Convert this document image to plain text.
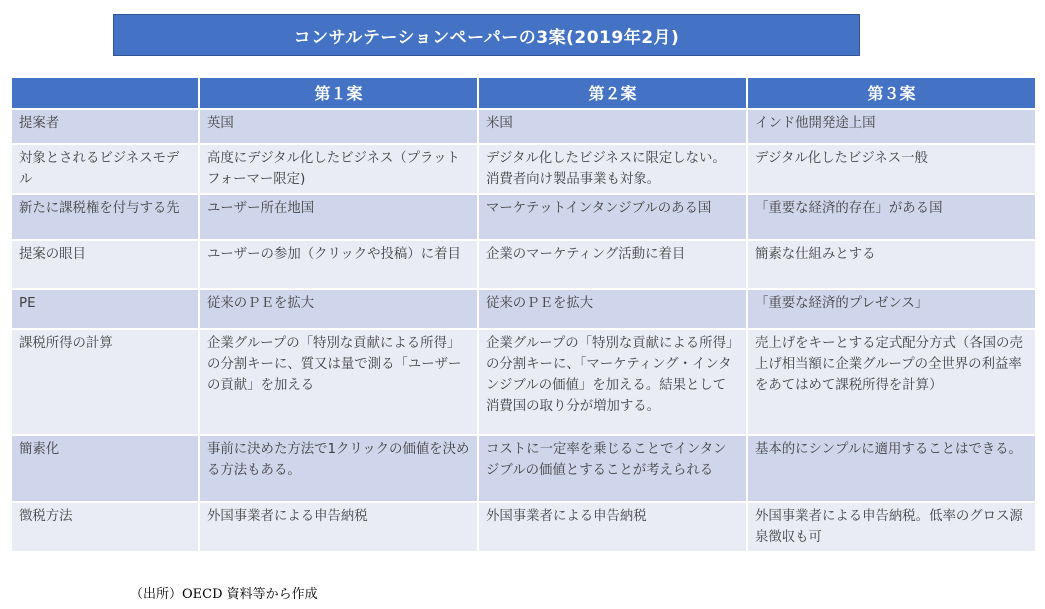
コンサルテーションペーパーの3案(2019年2月)
	第１案	第２案	第３案
提案者	英国	米国	インド他開発途上国
対象とされるビジネスモデル	高度にデジタル化したビジネス（プラットフォーマー限定)	デジタル化したビジネスに限定しない。消費者向け製品事業も対象。	デジタル化したビジネス一般
新たに課税権を付与する先	ユーザー所在地国	マーケテットインタンジブルのある国	「重要な経済的存在」がある国
提案の眼目	ユーザーの参加（クリックや投稿）に着目	企業のマーケティング活動に着目	簡素な仕組みとする
PE	従来のＰＥを拡大	従来のＰＥを拡大	「重要な経済的プレゼンス」
課税所得の計算	企業グループの「特別な貢献による所得」の分割キーに、質又は量で測る「ユーザーの貢献」を加える	企業グループの「特別な貢献による所得」の分割キーに、「マーケティング・インタンジブルの価値」を加える。結果として消費国の取り分が増加する。	売上げをキーとする定式配分方式（各国の売上げ相当額に企業グループの全世界の利益率をあてはめて課税所得を計算）
簡素化	事前に決めた方法で1クリックの価値を決める方法もある。	コストに一定率を乗じることでインタンジブルの価値とすることが考えられる	基本的にシンプルに適用することはできる。
徴税方法	外国事業者による申告納税	外国事業者による申告納税	外国事業者による申告納税。低率のグロス源泉徴収も可
（出所）OECD 資料等から作成
